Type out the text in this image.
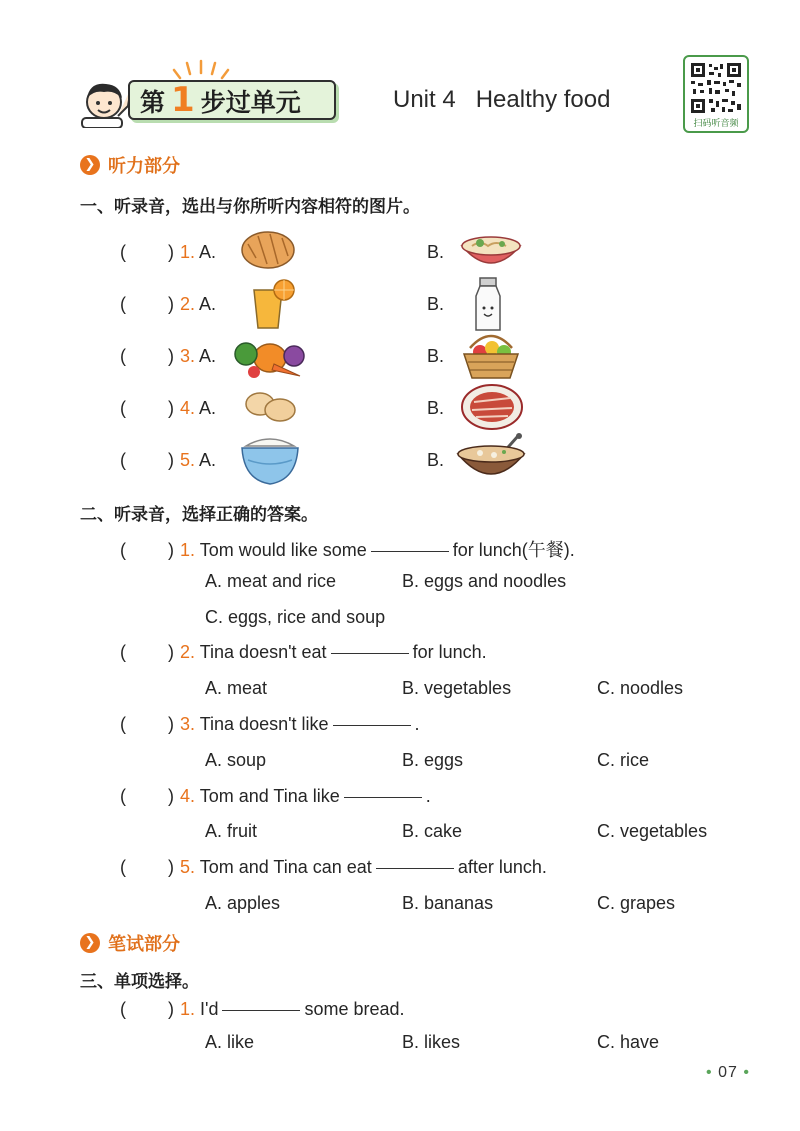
第 1 步过单元	Unit 4 Healthy food
扫码听音频
❯ 听力部分
一、听录音，选出与你所听内容相符的图片。
( ) 1. A.	B.
( ) 2. A.	B.
( ) 3. A.	B.
( ) 4. A.	B.
( ) 5. A.	B.
二、听录音，选择正确的答案。
( ) 1. Tom would like some	for lunch(午餐).
A. meat and rice	B. eggs and noodles
C. eggs, rice and soup
( ) 2. Tina doesn't eat	for lunch.
A. meat	B. vegetables	C. noodles
( ) 3. Tina doesn't like	.
A. soup	B. eggs	C. rice
( ) 4. Tom and Tina like	.
A. fruit	B. cake	C. vegetables
( ) 5. Tom and Tina can eat	after lunch.
A. apples	B. bananas	C. grapes
❯ 笔试部分
三、单项选择。
( ) 1. I'd	some bread.
A. like	B. likes	C. have
• 07 •
